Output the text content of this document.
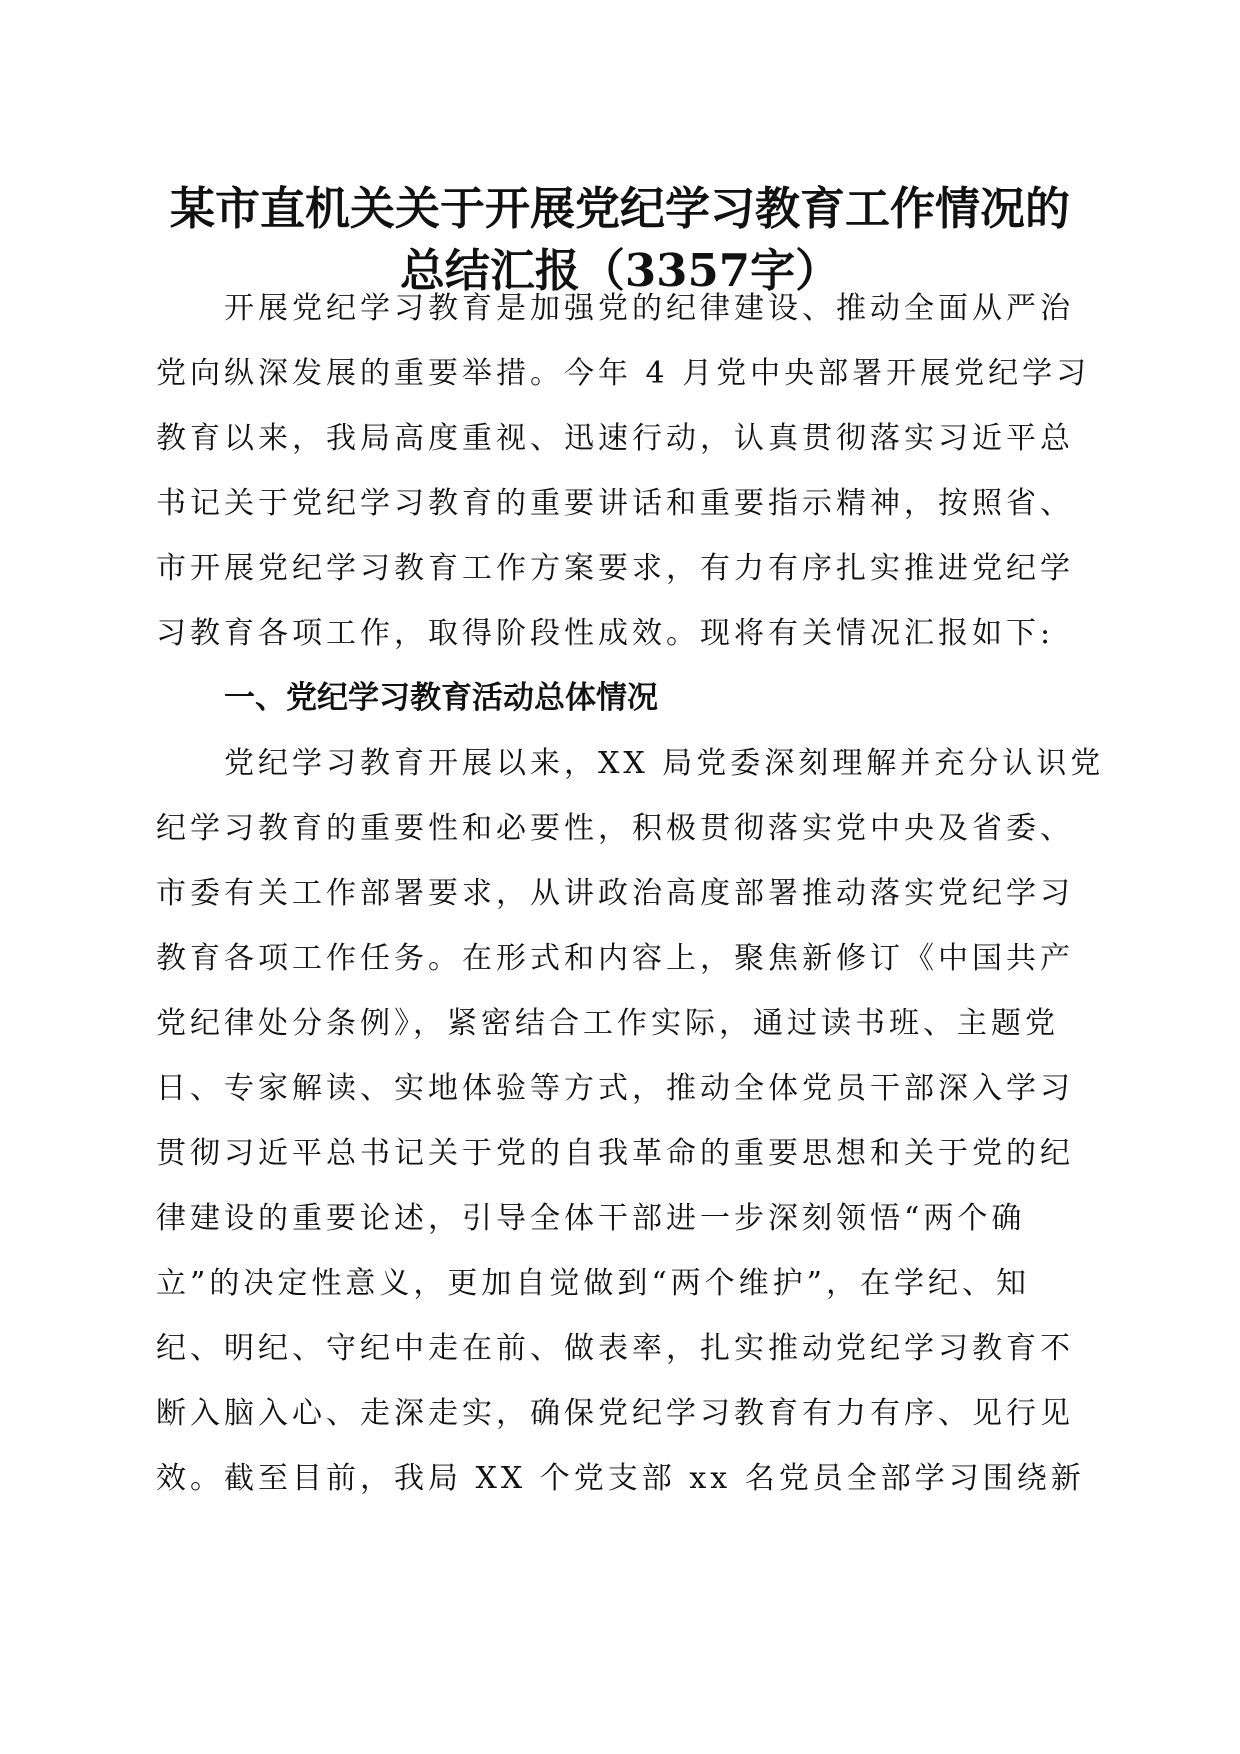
某市直机关关于开展党纪学习教育工作情况的
总结汇报（3357字）
　　开展党纪学习教育是加强党的纪律建设、推动全面从严治
党向纵深发展的重要举措。今年 4 月党中央部署开展党纪学习
教育以来，我局高度重视、迅速行动，认真贯彻落实习近平总
书记关于党纪学习教育的重要讲话和重要指示精神，按照省、
市开展党纪学习教育工作方案要求，有力有序扎实推进党纪学
习教育各项工作，取得阶段性成效。现将有关情况汇报如下:
一、党纪学习教育活动总体情况
　　党纪学习教育开展以来，XX 局党委深刻理解并充分认识党
纪学习教育的重要性和必要性，积极贯彻落实党中央及省委、
市委有关工作部署要求，从讲政治高度部署推动落实党纪学习
教育各项工作任务。在形式和内容上，聚焦新修订《中国共产
党纪律处分条例》，紧密结合工作实际，通过读书班、主题党
日、专家解读、实地体验等方式，推动全体党员干部深入学习
贯彻习近平总书记关于党的自我革命的重要思想和关于党的纪
律建设的重要论述，引导全体干部进一步深刻领悟“两个确
立”的决定性意义，更加自觉做到“两个维护”，在学纪、知
纪、明纪、守纪中走在前、做表率，扎实推动党纪学习教育不
断入脑入心、走深走实，确保党纪学习教育有力有序、见行见
效。截至目前，我局 XX 个党支部 xx 名党员全部学习围绕新
